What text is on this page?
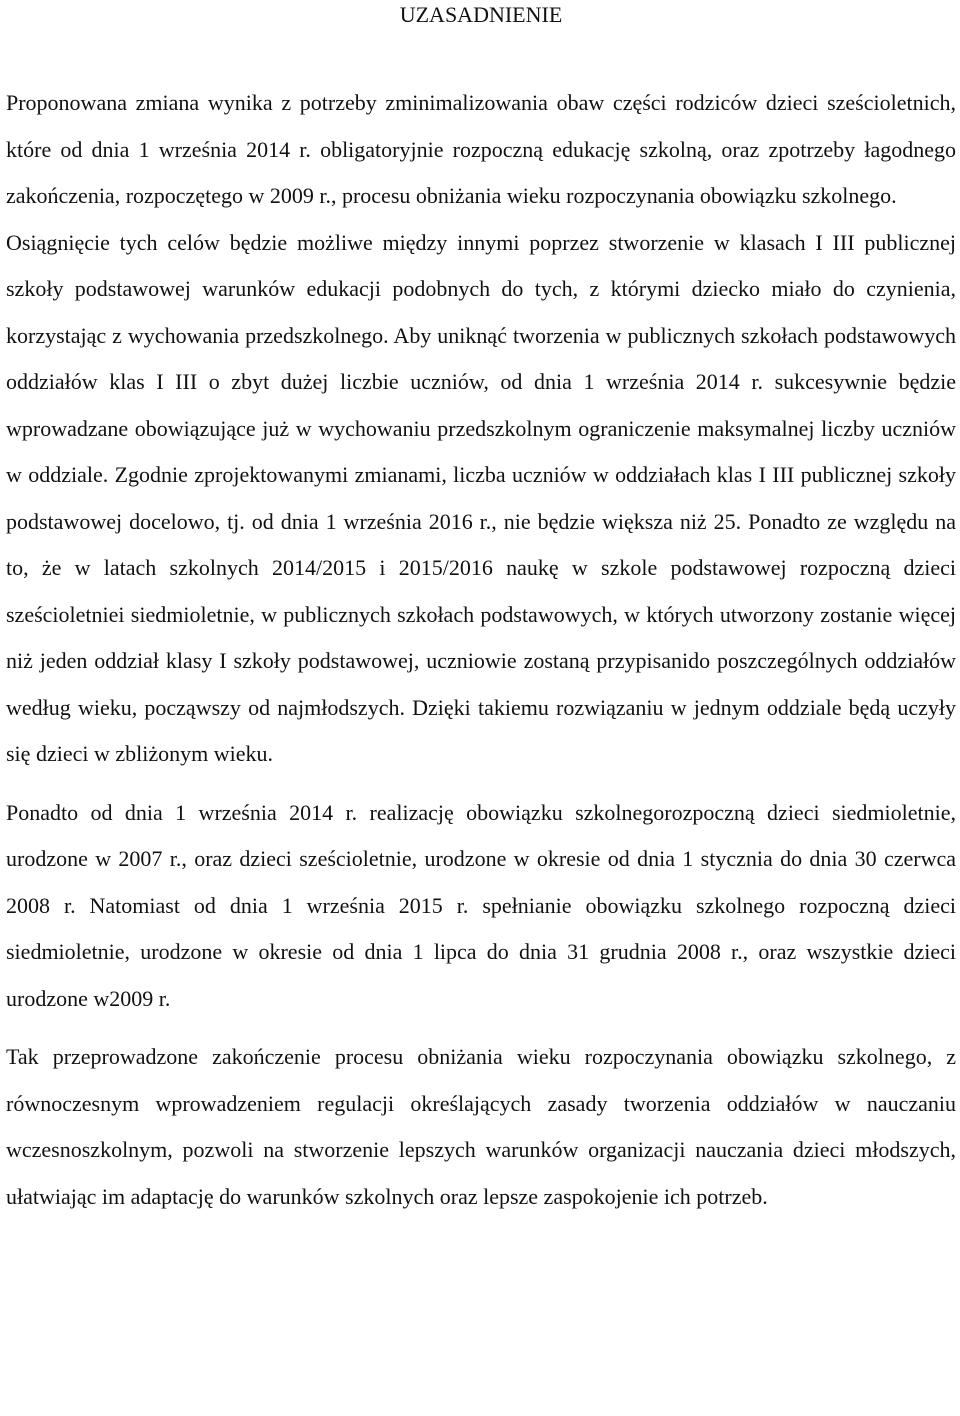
UZASADNIENIE

Proponowana zmiana wynika z potrzeby zminimalizowania obaw części rodziców dzieci sześcioletnich, które od dnia 1 września 2014 r. obligatoryjnie rozpoczną edukację szkolną, oraz zpotrzeby łagodnego zakończenia, rozpoczętego w 2009 r., procesu obniżania wieku rozpoczynania obowiązku szkolnego.

Osiągnięcie tych celów będzie możliwe między innymi poprzez stworzenie w klasach I III publicznej szkoły podstawowej warunków edukacji podobnych do tych, z którymi dziecko miało do czynienia, korzystając z wychowania przedszkolnego. Aby uniknąć tworzenia w publicznych szkołach podstawowych oddziałów klas I III o zbyt dużej liczbie uczniów, od dnia 1 września 2014 r. sukcesywnie będzie wprowadzane obowiązujące już w wychowaniu przedszkolnym ograniczenie maksymalnej liczby uczniów w oddziale. Zgodnie zprojektowanymi zmianami, liczba uczniów w oddziałach klas I III publicznej szkoły podstawowej docelowo, tj. od dnia 1 września 2016 r., nie będzie większa niż 25. Ponadto ze względu na to, że w latach szkolnych 2014/2015 i 2015/2016 naukę w szkole podstawowej rozpoczną dzieci sześcioletniei siedmioletnie, w publicznych szkołach podstawowych, w których utworzony zostanie więcej niż jeden oddział klasy I szkoły podstawowej, uczniowie zostaną przypisanido poszczególnych oddziałów według wieku, począwszy od najmłodszych. Dzięki takiemu rozwiązaniu w jednym oddziale będą uczyły się dzieci w zbliżonym wieku.

Ponadto od dnia 1 września 2014 r. realizację obowiązku szkolnegorozpoczną dzieci siedmioletnie, urodzone w 2007 r., oraz dzieci sześcioletnie, urodzone w okresie od dnia 1 stycznia do dnia 30 czerwca 2008 r. Natomiast od dnia 1 września 2015 r. spełnianie obowiązku szkolnego rozpoczną dzieci siedmioletnie, urodzone w okresie od dnia 1 lipca do dnia 31 grudnia 2008 r., oraz wszystkie dzieci urodzone w2009 r.

Tak przeprowadzone zakończenie procesu obniżania wieku rozpoczynania obowiązku szkolnego, z równoczesnym wprowadzeniem regulacji określających zasady tworzenia oddziałów w nauczaniu wczesnoszkolnym, pozwoli na stworzenie lepszych warunków organizacji nauczania dzieci młodszych, ułatwiając im adaptację do warunków szkolnych oraz lepsze zaspokojenie ich potrzeb.
